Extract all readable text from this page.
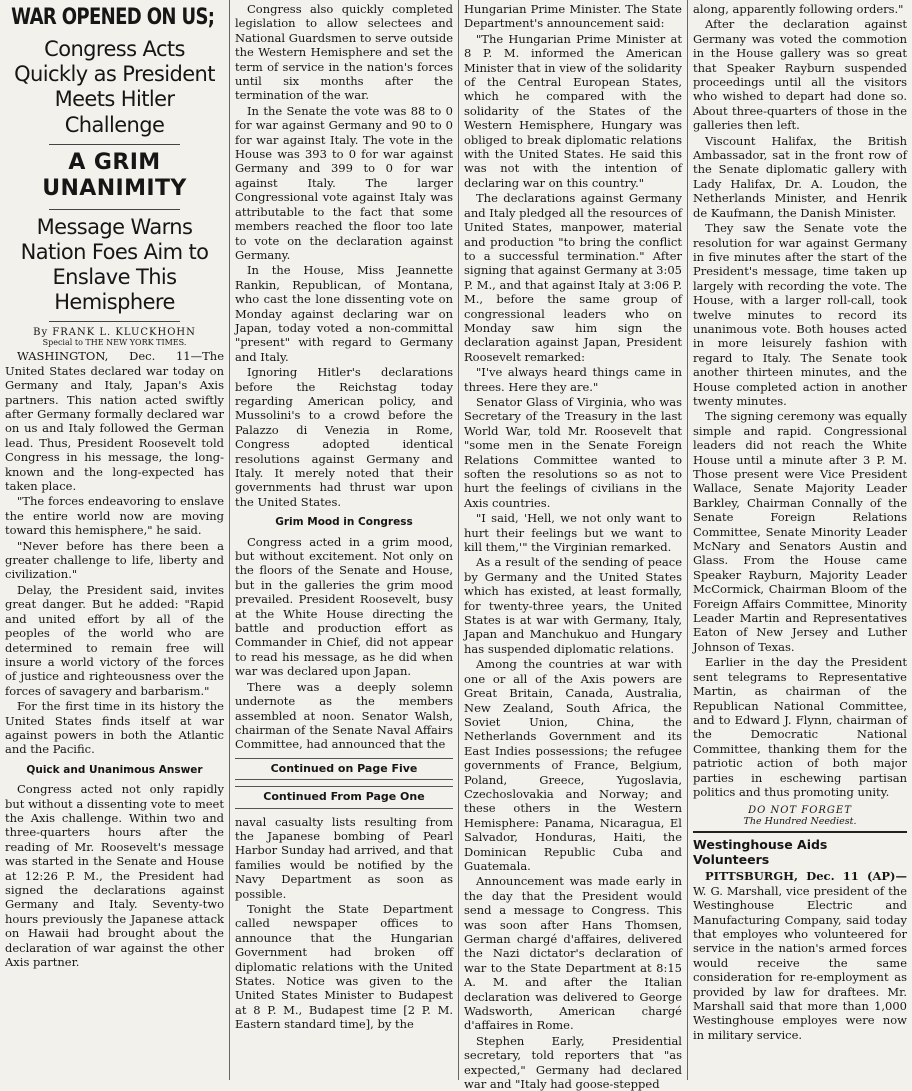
WAR OPENED ON US;
Congress Acts Quickly as President Meets Hitler Challenge
A GRIM UNANIMITY
Message Warns Nation Foes Aim to Enslave This Hemisphere
By FRANK L. KLUCKHOHN
Special to THE NEW YORK TIMES.

WASHINGTON, Dec. 11—The United States declared war today on Germany and Italy, Japan's Axis partners. This nation acted swiftly after Germany formally declared war on us and Italy followed the German lead. Thus, President Roosevelt told Congress in his message, the long-known and the long-expected has taken place.

"The forces endeavoring to enslave the entire world now are moving toward this hemisphere," he said.

"Never before has there been a greater challenge to life, liberty and civilization."

Delay, the President said, invites great danger. But he added: "Rapid and united effort by all of the peoples of the world who are determined to remain free will insure a world victory of the forces of justice and righteousness over the forces of savagery and barbarism."

For the first time in its history the United States finds itself at war against powers in both the Atlantic and the Pacific.

Quick and Unanimous Answer

Congress acted not only rapidly but without a dissenting vote to meet the Axis challenge. Within two and three-quarters hours after the reading of Mr. Roosevelt's message was started in the Senate and House at 12:26 P. M., the President had signed the declarations against Germany and Italy. Seventy-two hours previously the Japanese attack on Hawaii had brought about the declaration of war against the other Axis partner.

Congress also quickly completed legislation to allow selectees and National Guardsmen to serve outside the Western Hemisphere and set the term of service in the nation's forces until six months after the termination of the war.

In the Senate the vote was 88 to 0 for war against Germany and 90 to 0 for war against Italy. The vote in the House was 393 to 0 for war against Germany and 399 to 0 for war against Italy. The larger Congressional vote against Italy was attributable to the fact that some members reached the floor too late to vote on the declaration against Germany.

In the House, Miss Jeannette Rankin, Republican, of Montana, who cast the lone dissenting vote on Monday against declaring war on Japan, today voted a non-committal "present" with regard to Germany and Italy.

Ignoring Hitler's declarations before the Reichstag today regarding American policy, and Mussolini's to a crowd before the Palazzo di Venezia in Rome, Congress adopted identical resolutions against Germany and Italy. It merely noted that their governments had thrust war upon the United States.

Grim Mood in Congress

Congress acted in a grim mood, but without excitement. Not only on the floors of the Senate and House, but in the galleries the grim mood prevailed. President Roosevelt, busy at the White House directing the battle and production effort as Commander in Chief, did not appear to read his message, as he did when war was declared upon Japan.

There was a deeply solemn undernote as the members assembled at noon. Senator Walsh, chairman of the Senate Naval Affairs Committee, had announced that the

Continued on Page Five
Continued From Page One

naval casualty lists resulting from the Japanese bombing of Pearl Harbor Sunday had arrived, and that families would be notified by the Navy Department as soon as possible.

Tonight the State Department called newspaper offices to announce that the Hungarian Government had broken off diplomatic relations with the United States. Notice was given to the United States Minister to Budapest at 8 P. M., Budapest time [2 P. M. Eastern standard time], by the

Hungarian Prime Minister. The State Department's announcement said:

"The Hungarian Prime Minister at 8 P. M. informed the American Minister that in view of the solidarity of the Central European States, which he compared with the solidarity of the States of the Western Hemisphere, Hungary was obliged to break diplomatic relations with the United States. He said this was not with the intention of declaring war on this country."

The declarations against Germany and Italy pledged all the resources of United States, manpower, material and production "to bring the conflict to a successful termination." After signing that against Germany at 3:05 P. M., and that against Italy at 3:06 P. M., before the same group of congressional leaders who on Monday saw him sign the declaration against Japan, President Roosevelt remarked:

"I've always heard things came in threes. Here they are."

Senator Glass of Virginia, who was Secretary of the Treasury in the last World War, told Mr. Roosevelt that "some men in the Senate Foreign Relations Committee wanted to soften the resolutions so as not to hurt the feelings of civilians in the Axis countries.

"I said, 'Hell, we not only want to hurt their feelings but we want to kill them,'" the Virginian remarked.

As a result of the sending of peace by Germany and the United States which has existed, at least formally, for twenty-three years, the United States is at war with Germany, Italy, Japan and Manchukuo and Hungary has suspended diplomatic relations.

Among the countries at war with one or all of the Axis powers are Great Britain, Canada, Australia, New Zealand, South Africa, the Soviet Union, China, the Netherlands Government and its East Indies possessions; the refugee governments of France, Belgium, Poland, Greece, Yugoslavia, Czechoslovakia and Norway; and these others in the Western Hemisphere: Panama, Nicaragua, El Salvador, Honduras, Haiti, the Dominican Republic Cuba and Guatemala.

Announcement was made early in the day that the President would send a message to Congress. This was soon after Hans Thomsen, German chargé d'affaires, delivered the Nazi dictator's declaration of war to the State Department at 8:15 A. M. and after the Italian declaration was delivered to George Wadsworth, American chargé d'affaires in Rome.

Stephen Early, Presidential secretary, told reporters that "as expected," Germany had declared war and "Italy had goose-stepped

along, apparently following orders."

After the declaration against Germany was voted the commotion in the House gallery was so great that Speaker Rayburn suspended proceedings until all the visitors who wished to depart had done so. About three-quarters of those in the galleries then left.

Viscount Halifax, the British Ambassador, sat in the front row of the Senate diplomatic gallery with Lady Halifax, Dr. A. Loudon, the Netherlands Minister, and Henrik de Kaufmann, the Danish Minister.

They saw the Senate vote the resolution for war against Germany in five minutes after the start of the President's message, time taken up largely with recording the vote. The House, with a larger roll-call, took twelve minutes to record its unanimous vote. Both houses acted in more leisurely fashion with regard to Italy. The Senate took another thirteen minutes, and the House completed action in another twenty minutes.

The signing ceremony was equally simple and rapid. Congressional leaders did not reach the White House until a minute after 3 P. M. Those present were Vice President Wallace, Senate Majority Leader Barkley, Chairman Connally of the Senate Foreign Relations Committee, Senate Minority Leader McNary and Senators Austin and Glass. From the House came Speaker Rayburn, Majority Leader McCormick, Chairman Bloom of the Foreign Affairs Committee, Minority Leader Martin and Representatives Eaton of New Jersey and Luther Johnson of Texas.

Earlier in the day the President sent telegrams to Representative Martin, as chairman of the Republican National Committee, and to Edward J. Flynn, chairman of the Democratic National Committee, thanking them for the patriotic action of both major parties in eschewing partisan politics and thus promoting unity.

DO NOT FORGET
The Hundred Neediest.
Westinghouse Aids Volunteers

PITTSBURGH, Dec. 11 (AP)—W. G. Marshall, vice president of the Westinghouse Electric and Manufacturing Company, said today that employes who volunteered for service in the nation's armed forces would receive the same consideration for re-employment as provided by law for draftees. Mr. Marshall said that more than 1,000 Westinghouse employes were now in military service.
